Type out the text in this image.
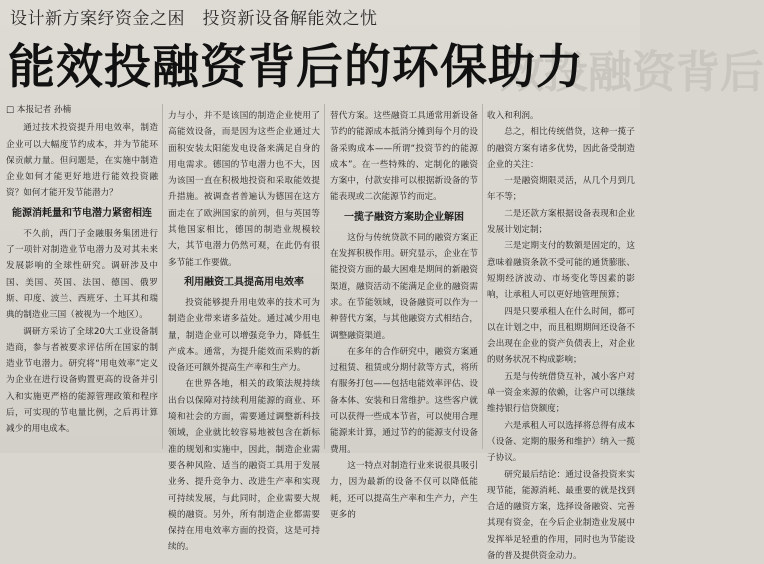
设计新方案纾资金之困　投资新设备解能效之忧
效投融资背后
能效投融资背后的环保助力

□ 本报记者 孙楠

通过技术投资提升用电效率，制造企业可以大幅度节约成本，并为节能环保贡献力量。但问题是，在实施中制造企业如何才能更好地进行能效投资融资？如何才能开发节能潜力？

能源消耗量和节电潜力紧密相连

不久前，西门子金融服务集团进行了一项针对制造业节电潜力及对其未来发展影响的全球性研究。调研涉及中国、美国、英国、法国、德国、俄罗斯、印度、波兰、西班牙、土耳其和瑞典的制造业三国（被视为一个地区）。

调研方采访了全球20大工业设备制造商，参与者被要求评估所在国家的制造业节电潜力。研究将“用电效率”定义为企业在进行设备购置更高的设备并引入和实施更严格的能源管理政策和程序后，可实现的节电量比例，之后再计算减少的用电成本。

力与小，并不是该国的制造企业使用了高能效设备，而是因为这些企业通过大面积安装太阳能发电设备来满足自身的用电需求。德国的节电潜力也不大，因为该国一直在积极地投资和采取能效提升措施。被调查者普遍认为德国在这方面走在了欧洲国家的前列，但与英国等其他国家相比，德国的制造业规模较大，其节电潜力仍然可观，在此仍有很多节能工作要做。

利用融资工具提高用电效率

投资能够提升用电效率的技术可为制造企业带来诸多益处。通过减少用电量，制造企业可以增强竞争力，降低生产成本。通常，为提升能效而采购的新设备还可额外提高生产率和生产力。

在世界各地，相关的政策法规持续出台以保障对持续利用能源的商业、环境和社会的方面，需要通过调整新科技领域，企业就比较容易地被包含在新标准的规划和实施中，因此，制造企业需要各种风险、适当的融资工具用于发展业务、提升竞争力、改进生产率和实现可持续发展，与此同时，企业需要大规模的融资。另外，所有制造企业都需要保持在用电效率方面的投资，这是可持续的。

替代方案。这些融资工具通常用新设备节约的能源成本抵消分摊到每个月的设备采购成本——所谓“投资节约的能源成本”。在一些特殊的、定制化的融资方案中，付款安排可以根据新设备的节能表现或二次能源节约而定。

一揽子融资方案助企业解困

这份与传统贷款不同的融资方案正在发挥积极作用。研究显示，企业在节能投资方面的最大困难是期间的新融资渠道，融资活动不能满足企业的融资需求。在节能领域，设备融资可以作为一种替代方案，与其他融资方式相结合，调整融资渠道。

在多年的合作研究中，融资方案通过租赁、租赁或分期付款等方式，将所有服务打包——包括电能效率评估、设备本体、安装和日常维护。这些客户就可以获得一些成本节省，可以使用合理能源来计算，通过节约的能源支付设备费用。

这一特点对制造行业来说很具吸引力，因为最新的设备不仅可以降低能耗，还可以提高生产率和生产力，产生更多的

收入和利润。

总之，相比传统借贷，这种一揽子的融资方案有诸多优势，因此备受制造企业的关注：

一是融资期限灵活，从几个月到几年不等；

二是还款方案根据设备表现和企业发展计划定制；

三是定期支付的数额是固定的，这意味着融资条款不受可能的通货膨胀、短期经济波动、市场变化等因素的影响，让承租人可以更好地管理预算；

四是只要承租人在什么时间，都可以在计划之中，而且租期期间还设备不会出现在企业的资产负债表上，对企业的财务状况不构成影响；

五是与传统借贷互补，减小客户对单一资金来源的依赖，让客户可以继续维持银行信贷额度；

六是承租人可以选择将总得有成本（设备、定期的服务和维护）纳入一揽子协议。

研究最后结论：通过设备投资来实现节能，能源消耗、最重要的就是找到合适的融资方案，选择设备融资、完善其现有资金，在今后企业制造业发展中发挥举足轻重的作用，同时也为节能设备的普及提供资金动力。
